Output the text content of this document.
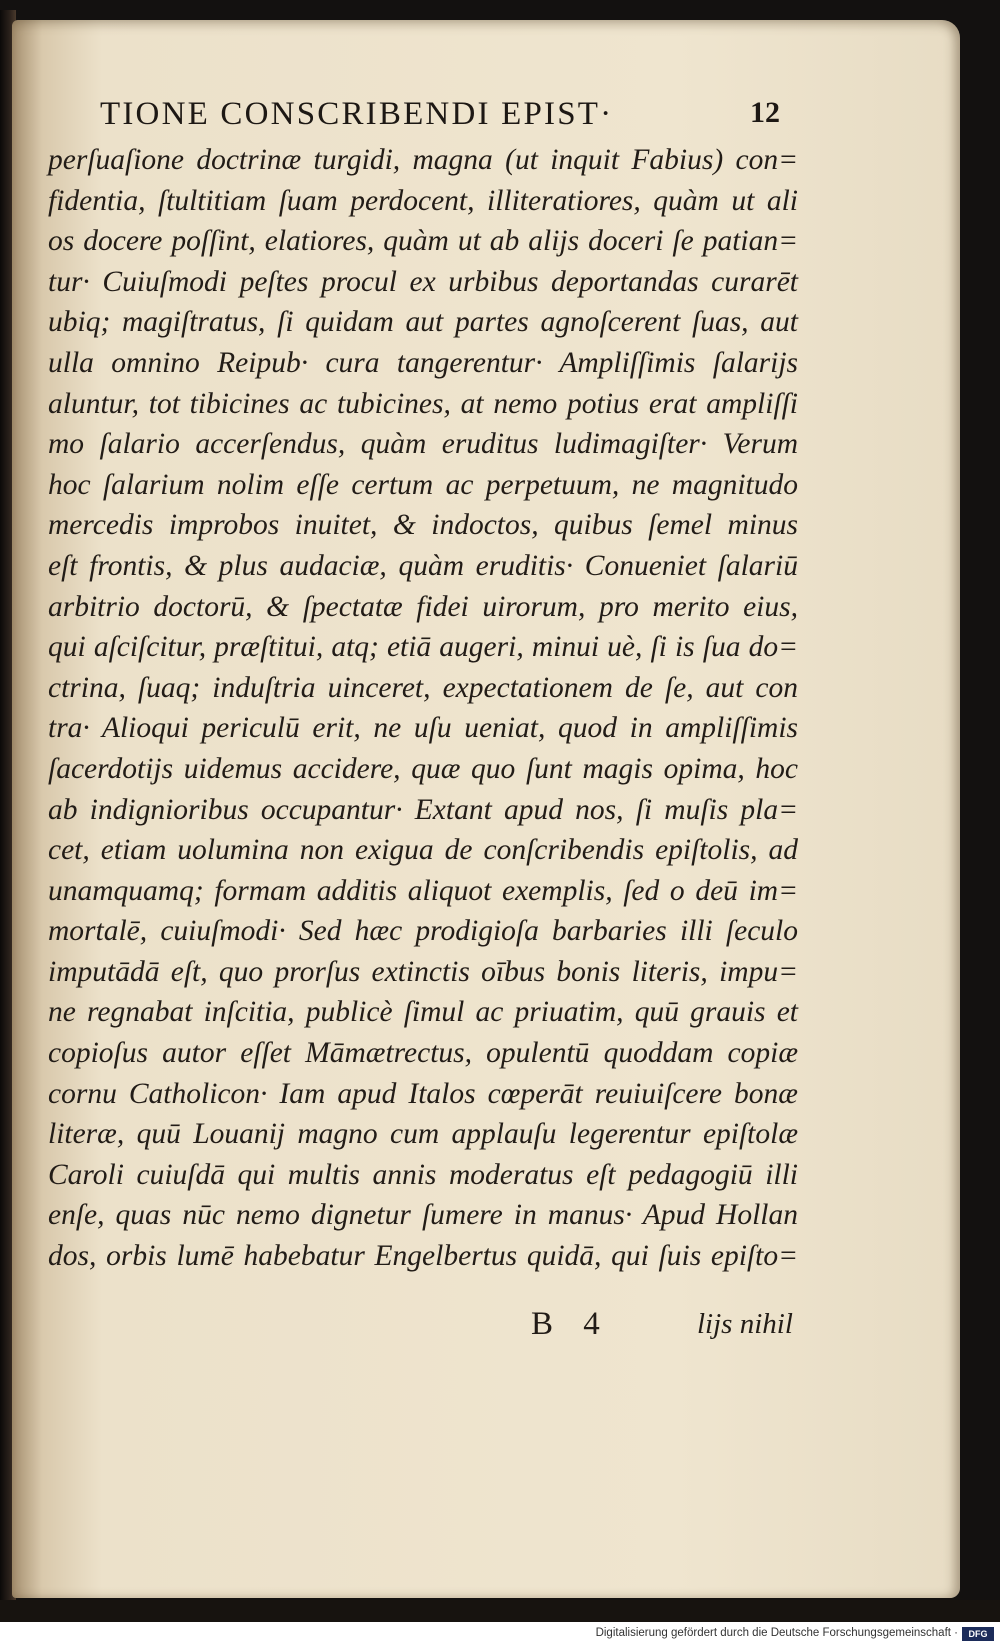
TIONE CONSCRIBENDI EPIST·	12
perſuaſione doctrinæ turgidi, magna (ut inquit Fabius) con=
fidentia, ſtultitiam ſuam perdocent, illiteratiores, quàm ut ali
os docere poſſint, elatiores, quàm ut ab alijs doceri ſe patian=
tur· Cuiuſmodi peſtes procul ex urbibus deportandas curarēt
ubiq; magiſtratus, ſi quidam aut partes agnoſcerent ſuas, aut
ulla omnino Reipub· cura tangerentur· Ampliſſimis ſalarijs
aluntur, tot tibicines ac tubicines, at nemo potius erat ampliſſi
mo ſalario accerſendus, quàm eruditus ludimagiſter· Verum
hoc ſalarium nolim eſſe certum ac perpetuum, ne magnitudo
mercedis improbos inuitet, & indoctos, quibus ſemel minus
eſt frontis, & plus audaciæ, quàm eruditis· Conueniet ſalariū
arbitrio doctorū, & ſpectatæ fidei uirorum, pro merito eius,
qui aſciſcitur, præſtitui, atq; etiā augeri, minui uè, ſi is ſua do=
ctrina, ſuaq; induſtria uinceret, expectationem de ſe, aut con
tra· Alioqui periculū erit, ne uſu ueniat, quod in ampliſſimis
ſacerdotijs uidemus accidere, quæ quo ſunt magis opima, hoc
ab indignioribus occupantur· Extant apud nos, ſi muſis pla=
cet, etiam uolumina non exigua de conſcribendis epiſtolis, ad
unamquamq; formam additis aliquot exemplis, ſed o deū im=
mortalē, cuiuſmodi· Sed hæc prodigioſa barbaries illi ſeculo
imputādā eſt, quo prorſus extinctis oībus bonis literis, impu=
ne regnabat inſcitia, publicè ſimul ac priuatim, quū grauis et
copioſus autor eſſet Māmætrectus, opulentū quoddam copiæ
cornu Catholicon· Iam apud Italos cœperāt reuiuiſcere bonæ
literæ, quū Louanij magno cum applauſu legerentur epiſtolæ
Caroli cuiuſdā qui multis annis moderatus eſt pedagogiū illi
enſe, quas nūc nemo dignetur ſumere in manus· Apud Hollan
dos, orbis lumē habebatur Engelbertus quidā, qui ſuis epiſto=
B 4	lijs nihil
Digitalisierung gefördert durch die Deutsche Forschungsgemeinschaft ·	DFG
